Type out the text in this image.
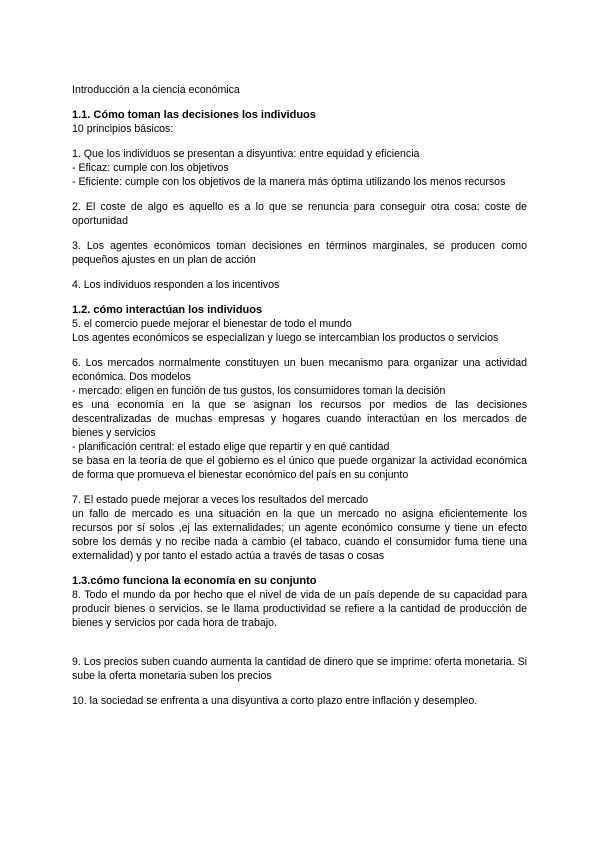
Introducción a la ciencia económica

1.1. Cómo toman las decisiones los individuos

10 principios básicos:

1. Que los individuos se presentan a disyuntiva: entre equidad y eficiencia

- Eficaz: cumple con los objetivos

- Eficiente: cumple con los objetivos de la manera más óptima utilizando los menos recursos

2. El coste de algo es aquello es a lo que se renuncia para conseguir otra cosa: coste de oportunidad

3. Los agentes económicos toman decisiones en términos marginales, se producen como pequeños ajustes en un plan de acción

4. Los individuos responden a los incentivos

1.2. cómo interactúan los individuos

5. el comercio puede mejorar el bienestar de todo el mundo

Los agentes económicos se especializan y luego se intercambian los productos o servicios

6. Los mercados normalmente constituyen un buen mecanismo para organizar una actividad económica. Dos modelos

- mercado: eligen en función de tus gustos, los consumidores toman la decisión

es una economía en la que se asignan los recursos por medios de las decisiones descentralizadas de muchas empresas y hogares cuando interactúan en los mercados de bienes y servicios

- planificación central: el estado elige que repartir y en qué cantidad

se basa en la teoría de que el gobierno es el único que puede organizar la actividad económica de forma que promueva el bienestar económico del país en su conjunto

7. El estado puede mejorar a veces los resultados del mercado

un fallo de mercado es una situación en la que un mercado no asigna eficientemente los recursos por sí solos ,ej las externalidades; un agente económico consume y tiene un efecto sobre los demás y no recibe nada a cambio (el tabaco, cuando el consumidor fuma tiene una externalidad) y por tanto el estado actúa a través de tasas o cosas

1.3.cómo funciona la economía en su conjunto

8. Todo el mundo da por hecho que el nivel de vida de un país depende de su capacidad para producir bienes o servicios. se le llama productividad se refiere a la cantidad de producción de bienes y servicios por cada hora de trabajo.

9. Los precios suben cuando aumenta la cantidad de dinero que se imprime: oferta monetaria. Si sube la oferta monetaria suben los precios

10. la sociedad se enfrenta a una disyuntiva a corto plazo entre inflación y desempleo.
